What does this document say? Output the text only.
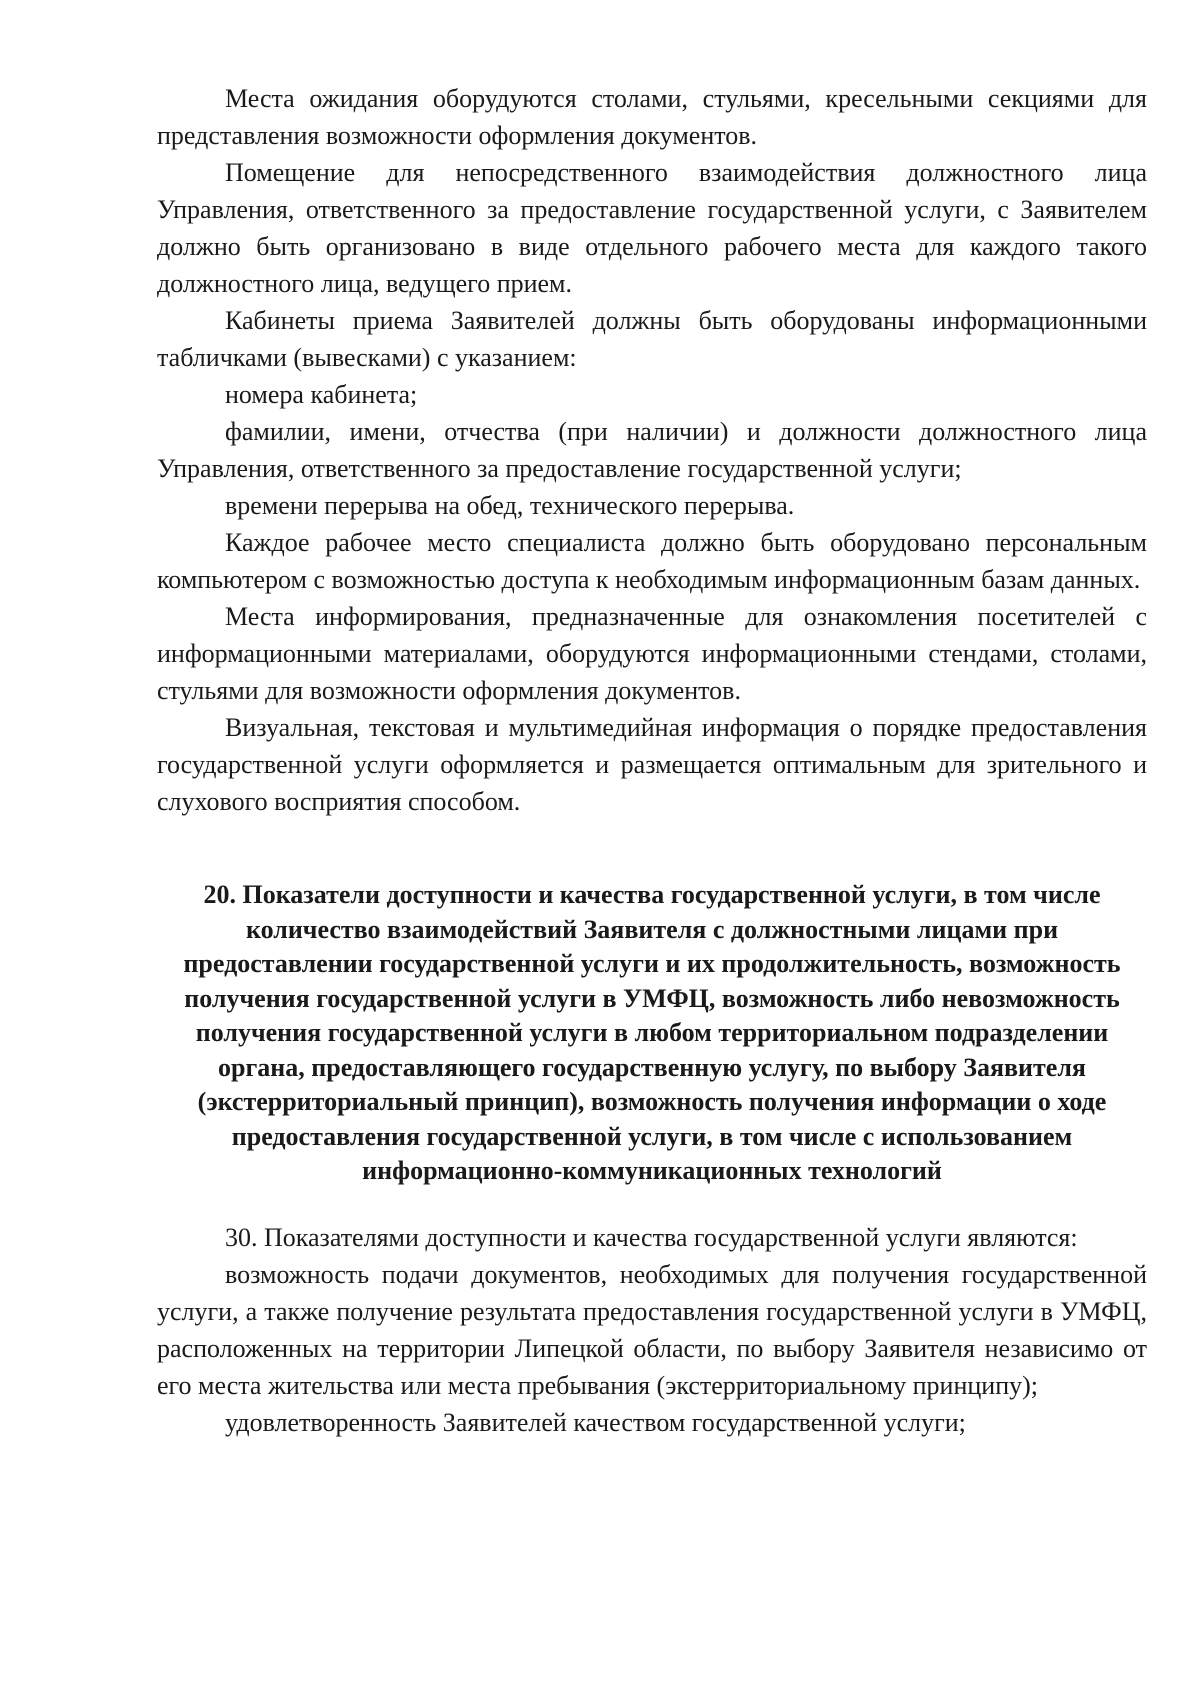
Места ожидания оборудуются столами, стульями, кресельными секциями для представления возможности оформления документов.

Помещение для непосредственного взаимодействия должностного лица Управления, ответственного за предоставление государственной услуги, с Заявителем должно быть организовано в виде отдельного рабочего места для каждого такого должностного лица, ведущего прием.

Кабинеты приема Заявителей должны быть оборудованы информационными табличками (вывесками) с указанием:

номера кабинета;

фамилии, имени, отчества (при наличии) и должности должностного лица Управления, ответственного за предоставление государственной услуги;

времени перерыва на обед, технического перерыва.

Каждое рабочее место специалиста должно быть оборудовано персональным компьютером с возможностью доступа к необходимым информационным базам данных.

Места информирования, предназначенные для ознакомления посетителей с информационными материалами, оборудуются информационными стендами, столами, стульями для возможности оформления документов.

Визуальная, текстовая и мультимедийная информация о порядке предоставления государственной услуги оформляется и размещается оптимальным для зрительного и слухового восприятия способом.

20. Показатели доступности и качества государственной услуги, в том числе количество взаимодействий Заявителя с должностными лицами при предоставлении государственной услуги и их продолжительность, возможность получения государственной услуги в УМФЦ, возможность либо невозможность получения государственной услуги в любом территориальном подразделении органа, предоставляющего государственную услугу, по выбору Заявителя (экстерриториальный принцип), возможность получения информации о ходе предоставления государственной услуги, в том числе с использованием информационно-коммуникационных технологий

30. Показателями доступности и качества государственной услуги являются:

возможность подачи документов, необходимых для получения государственной услуги, а также получение результата предоставления государственной услуги в УМФЦ, расположенных на территории Липецкой области, по выбору Заявителя независимо от его места жительства или места пребывания (экстерриториальному принципу);

удовлетворенность Заявителей качеством государственной услуги;
